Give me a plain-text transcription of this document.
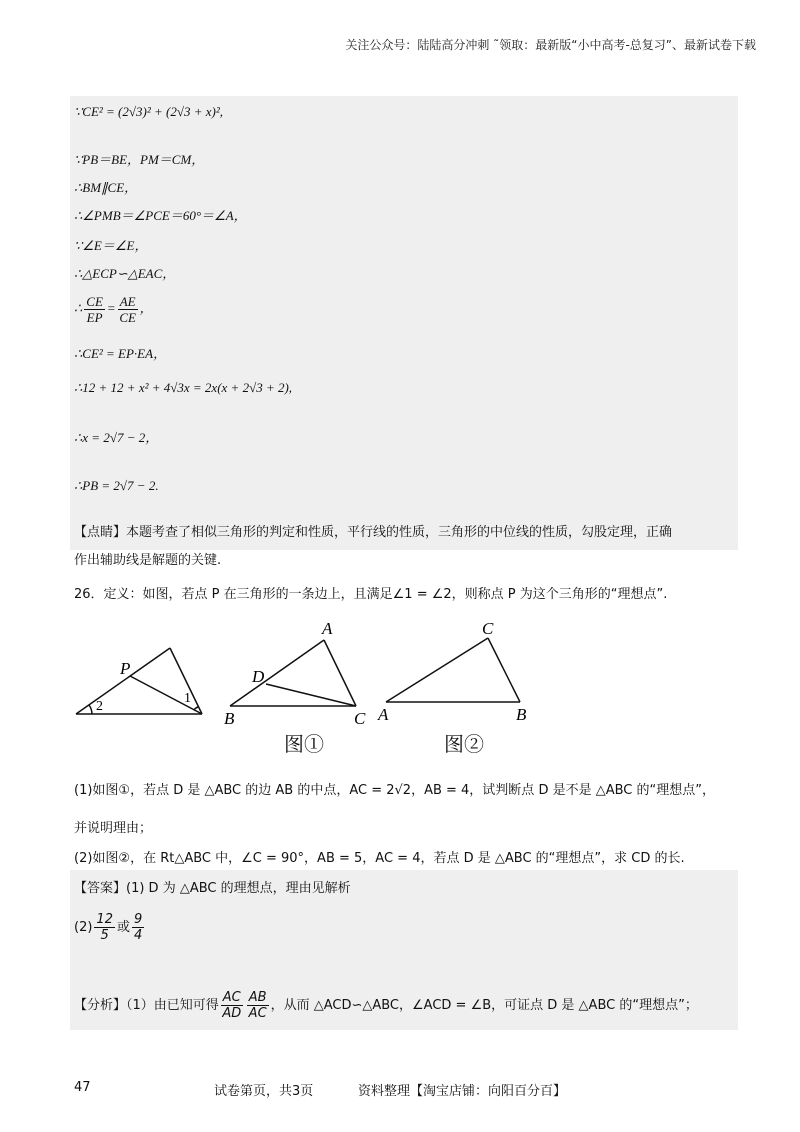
关注公众号：陆陆高分冲刺 ˜领取：最新版“小中高考-总复习”、最新试卷下载
∵CE² = (2√3)² + (2√3 + x)²,
∵PB＝BE，PM＝CM，
∴BM∥CE，
∴∠PMB＝∠PCE＝60°＝∠A，
∵∠E＝∠E，
∴△ECP∽△EAC，
∴ $\frac{CE}{EP} = \frac{AE}{CE}$ ，
∴CE² = EP·EA，
∴12 + 12 + x² + 4√3x = 2x(x + 2√3 + 2),
∴x = 2√7 − 2，
∴PB = 2√7 − 2.
【点睛】本题考查了相似三角形的判定和性质，平行线的性质，三角形的中位线的性质，勾股定理，正确
作出辅助线是解题的关键.
26．定义：如图，若点 P 在三角形的一条边上，且满足∠1 = ∠2，则称点 P 为这个三角形的“理想点”.
P
1
2
A
D
B	C
C
A	B
图①	图②
(1)如图①，若点 D 是 △ABC 的边 AB 的中点，AC = 2√2，AB = 4，试判断点 D 是不是 △ABC 的“理想点”，
并说明理由；
(2)如图②，在 Rt△ABC 中，∠C = 90°，AB = 5，AC = 4，若点 D 是 △ABC 的“理想点”，求 CD 的长.
【答案】(1) D 为 △ABC 的理想点，理由见解析
$(2) \frac{12}{5}$ 或 $\frac{9}{4}$
【分析】（1）由已知可得 $\frac{AC}{AD} \frac{AB}{AC}$ ，从而 △ACD∽△ABC，∠ACD = ∠B，可证点 D 是 △ABC 的“理想点”；
47	试卷第页，共3页	资料整理【淘宝店铺：向阳百分百】
